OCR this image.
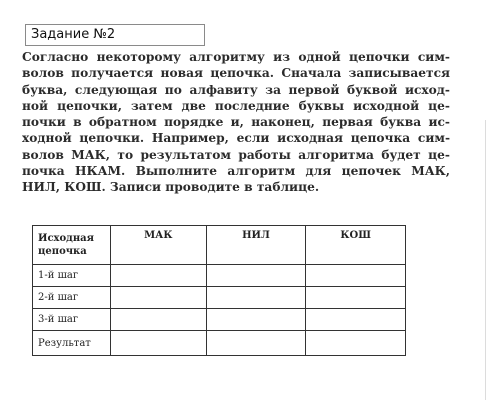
Задание №2
Согласно некоторому алгоритму из одной цепочки сим-
волов получается новая цепочка. Сначала записывается
буква, следующая по алфавиту за первой буквой исход-
ной цепочки, затем две последние буквы исходной це-
почки в обратном порядке и, наконец, первая буква ис-
ходной цепочки. Например, если исходная цепочка сим-
волов МАК, то результатом работы алгоритма будет це-
почка НКАМ. Выполните алгоритм для цепочек МАК,
НИЛ, КОШ. Записи проводите в таблице.
Исходная
цепочка	МАК	НИЛ	КОШ
1-й шаг			
2-й шаг			
3-й шаг			
Результат			
